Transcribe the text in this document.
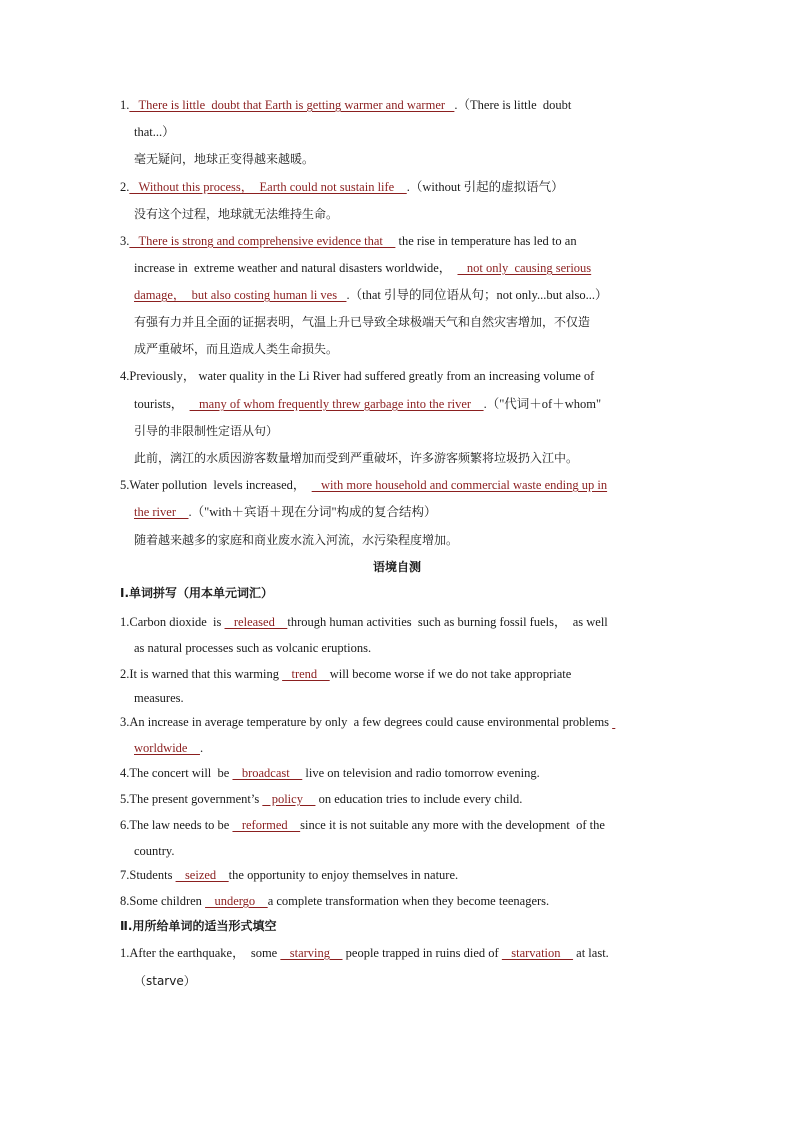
1.   There is little  doubt that Earth is getting warmer and warmer   .（There is little  doubt
that...）
毫无疑问，地球正变得越来越暖。
2.   Without this process，  Earth could not sustain life    .（without 引起的虚拟语气）
没有这个过程，地球就无法维持生命。
3.   There is strong and comprehensive evidence that     the rise in temperature has led to an
increase in  extreme weather and natural disasters worldwide，     not only  causing serious
damage，  but also costing human li ves   .（that 引导的同位语从句；not only...but also...）
有强有力并且全面的证据表明，气温上升已导致全球极端天气和自然灾害增加，不仅造
成严重破坏，而且造成人类生命损失。
4.Previously， water quality in the Li River had suffered greatly from an increasing volume of
tourists，     many of whom frequently threw garbage into the river    .（"代词＋of＋whom"
引导的非限制性定语从句）
此前，漓江的水质因游客数量增加而受到严重破坏，许多游客频繁将垃圾扔入江中。
5.Water pollution  levels increased，     with more household and commercial waste ending up in
the river    .（"with＋宾语＋现在分词"构成的复合结构）
随着越来越多的家庭和商业废水流入河流，水污染程度增加。
语境自测
Ⅰ.单词拼写（用本单元词汇）
1.Carbon dioxide  is    released    through human activities  such as burning fossil fuels，  as well
as natural processes such as volcanic eruptions.
2.It is warned that this warming    trend    will become worse if we do not take appropriate
measures.
3.An increase in average temperature by only  a few degrees could cause environmental problems
worldwide    .
4.The concert will  be    broadcast     live on television and radio tomorrow evening.
5.The present government’s    policy     on education tries to include every child.
6.The law needs to be    reformed    since it is not suitable any more with the development  of the
country.
7.Students    seized    the opportunity to enjoy themselves in nature.
8.Some children    undergo    a complete transformation when they become teenagers.
Ⅱ.用所给单词的适当形式填空
1.After the earthquake，  some    starving     people trapped in ruins died of    starvation     at last.
（starve）
